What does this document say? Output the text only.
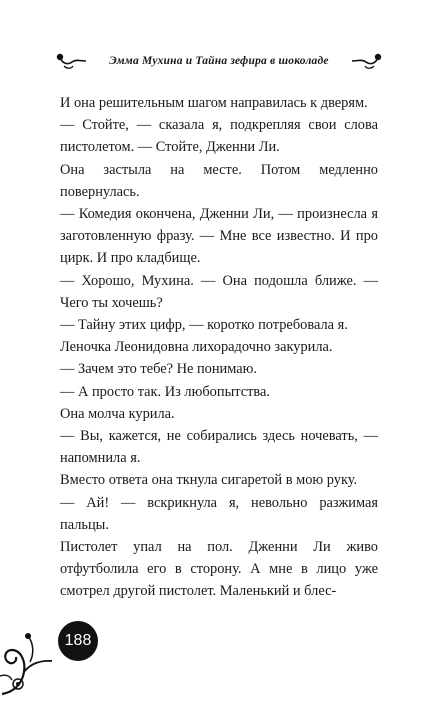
Эмма Мухина и Тайна зефира в шоколаде

И она решительным шагом направилась к дверям.

— Стойте, — сказала я, подкрепляя свои слова пистолетом. — Стойте, Дженни Ли.

Она застыла на месте. Потом медленно повернулась.

— Комедия окончена, Дженни Ли, — произнесла я заготовленную фразу. — Мне все известно. И про цирк. И про кладбище.

— Хорошо, Мухина. — Она подошла ближе. — Чего ты хочешь?

— Тайну этих цифр, — коротко потребовала я.

Леночка Леонидовна лихорадочно закурила.

— Зачем это тебе? Не понимаю.

— А просто так. Из любопытства.

Она молча курила.

— Вы, кажется, не собирались здесь ночевать, — напомнила я.

Вместо ответа она ткнула сигаретой в мою руку.

— Ай! — вскрикнула я, невольно разжимая пальцы.

Пистолет упал на пол. Дженни Ли живо отфутболила его в сторону. А мне в лицо уже смотрел другой пистолет. Маленький и блес-

188
